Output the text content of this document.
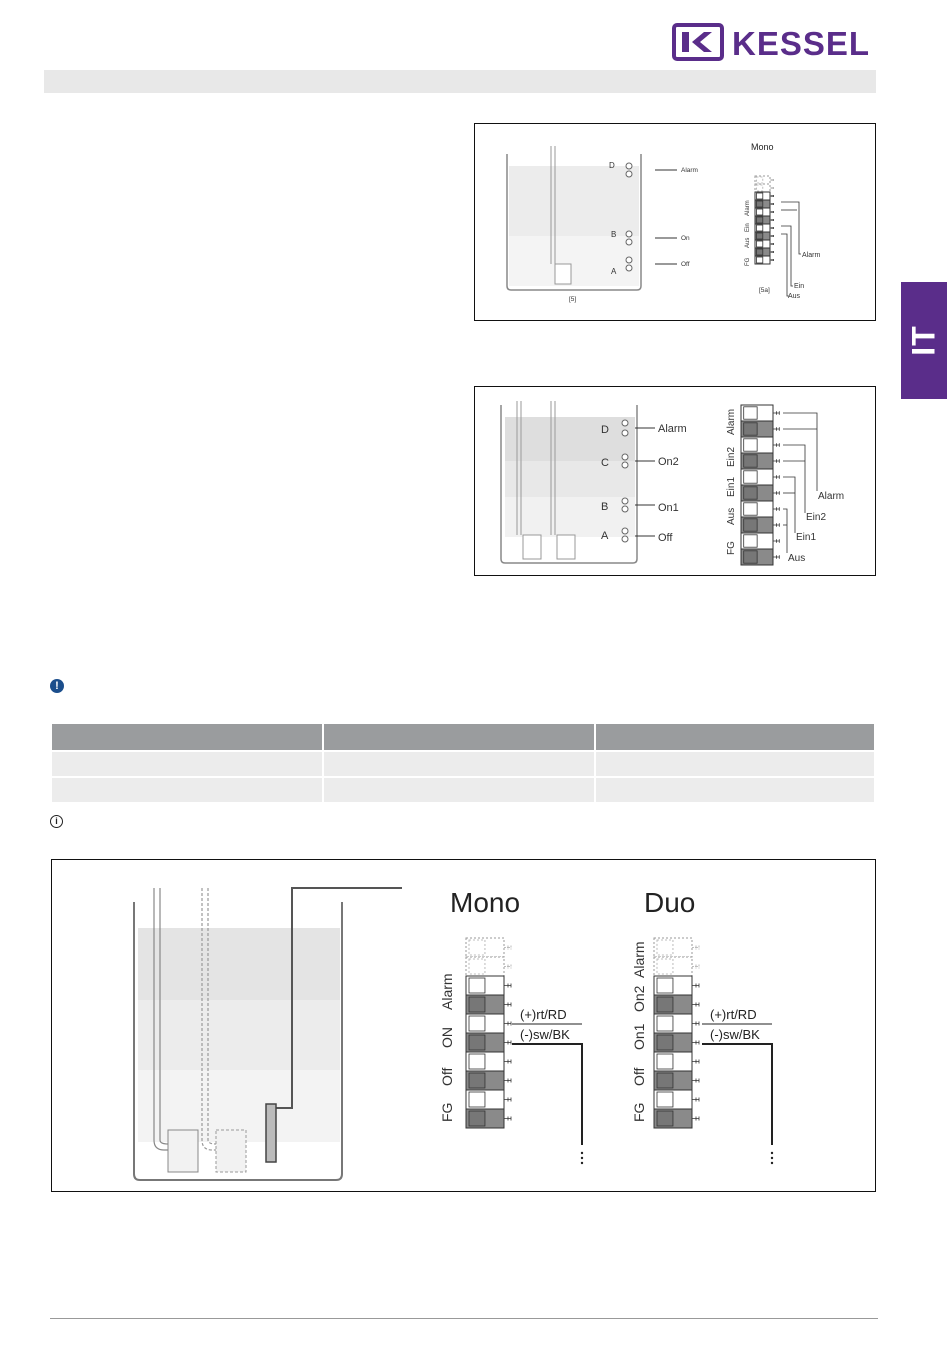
KESSEL
IT
D
B
A
Alarm
On
Off
[5]
Mono
[5a]
Alarm
Ein
Aus
FG
Alarm
Ein
Aus
D
C
B
A
Alarm
On2
On1
Off
Alarm
Ein2
Ein1
Aus
FG
Alarm
Ein2
Ein1
Aus
!

i
Mono
Alarm
ON
Off
FG
(+)rt/RD
(-)sw/BK
Duo
Alarm
On2
On1
Off
FG
(+)rt/RD
(-)sw/BK
